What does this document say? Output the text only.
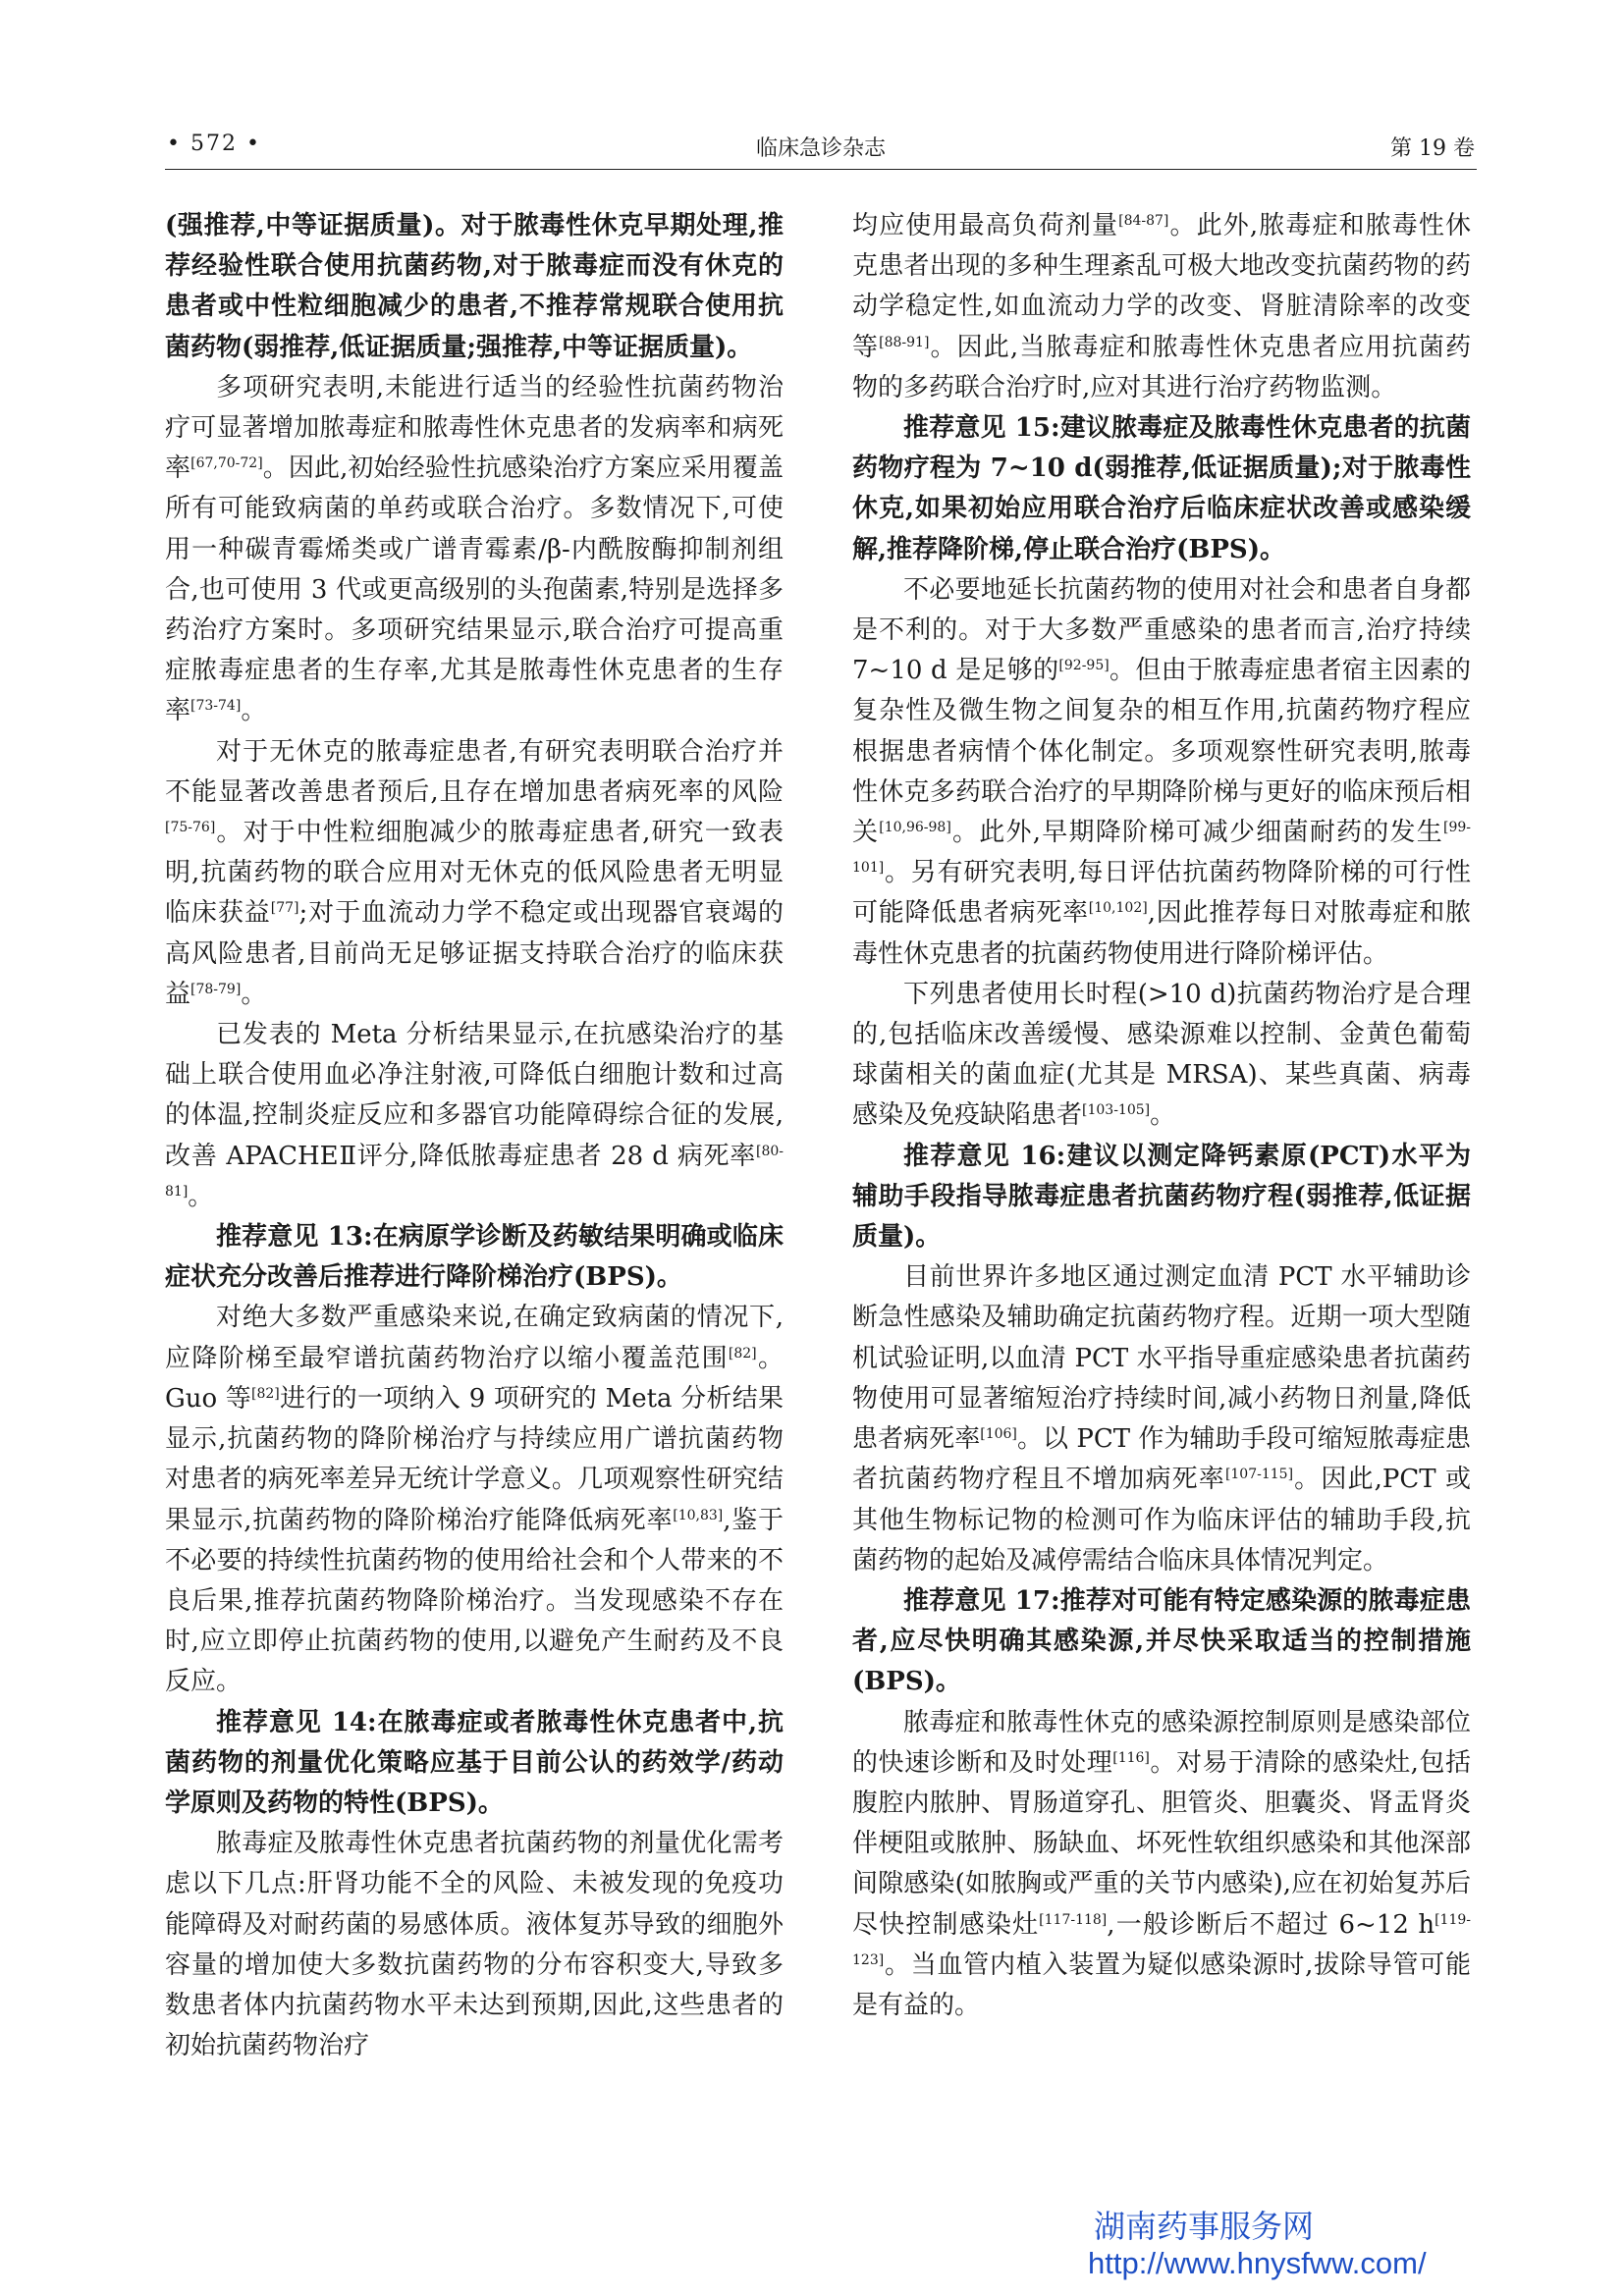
• 572 •	临床急诊杂志	第 19 卷

(强推荐,中等证据质量)。对于脓毒性休克早期处理,推荐经验性联合使用抗菌药物,对于脓毒症而没有休克的患者或中性粒细胞减少的患者,不推荐常规联合使用抗菌药物(弱推荐,低证据质量;强推荐,中等证据质量)。

多项研究表明,未能进行适当的经验性抗菌药物治疗可显著增加脓毒症和脓毒性休克患者的发病率和病死率[67,70-72]。因此,初始经验性抗感染治疗方案应采用覆盖所有可能致病菌的单药或联合治疗。多数情况下,可使用一种碳青霉烯类或广谱青霉素/β-内酰胺酶抑制剂组合,也可使用 3 代或更高级别的头孢菌素,特别是选择多药治疗方案时。多项研究结果显示,联合治疗可提高重症脓毒症患者的生存率,尤其是脓毒性休克患者的生存率[73-74]。

对于无休克的脓毒症患者,有研究表明联合治疗并不能显著改善患者预后,且存在增加患者病死率的风险[75-76]。对于中性粒细胞减少的脓毒症患者,研究一致表明,抗菌药物的联合应用对无休克的低风险患者无明显临床获益[77];对于血流动力学不稳定或出现器官衰竭的高风险患者,目前尚无足够证据支持联合治疗的临床获益[78-79]。

已发表的 Meta 分析结果显示,在抗感染治疗的基础上联合使用血必净注射液,可降低白细胞计数和过高的体温,控制炎症反应和多器官功能障碍综合征的发展,改善 APACHEⅡ评分,降低脓毒症患者 28 d 病死率[80-81]。

推荐意见 13:在病原学诊断及药敏结果明确或临床症状充分改善后推荐进行降阶梯治疗(BPS)。

对绝大多数严重感染来说,在确定致病菌的情况下,应降阶梯至最窄谱抗菌药物治疗以缩小覆盖范围[82]。Guo 等[82]进行的一项纳入 9 项研究的 Meta 分析结果显示,抗菌药物的降阶梯治疗与持续应用广谱抗菌药物对患者的病死率差异无统计学意义。几项观察性研究结果显示,抗菌药物的降阶梯治疗能降低病死率[10,83],鉴于不必要的持续性抗菌药物的使用给社会和个人带来的不良后果,推荐抗菌药物降阶梯治疗。当发现感染不存在时,应立即停止抗菌药物的使用,以避免产生耐药及不良反应。

推荐意见 14:在脓毒症或者脓毒性休克患者中,抗菌药物的剂量优化策略应基于目前公认的药效学/药动学原则及药物的特性(BPS)。

脓毒症及脓毒性休克患者抗菌药物的剂量优化需考虑以下几点:肝肾功能不全的风险、未被发现的免疫功能障碍及对耐药菌的易感体质。液体复苏导致的细胞外容量的增加使大多数抗菌药物的分布容积变大,导致多数患者体内抗菌药物水平未达到预期,因此,这些患者的初始抗菌药物治疗

均应使用最高负荷剂量[84-87]。此外,脓毒症和脓毒性休克患者出现的多种生理紊乱可极大地改变抗菌药物的药动学稳定性,如血流动力学的改变、肾脏清除率的改变等[88-91]。因此,当脓毒症和脓毒性休克患者应用抗菌药物的多药联合治疗时,应对其进行治疗药物监测。

推荐意见 15:建议脓毒症及脓毒性休克患者的抗菌药物疗程为 7~10 d(弱推荐,低证据质量);对于脓毒性休克,如果初始应用联合治疗后临床症状改善或感染缓解,推荐降阶梯,停止联合治疗(BPS)。

不必要地延长抗菌药物的使用对社会和患者自身都是不利的。对于大多数严重感染的患者而言,治疗持续 7~10 d 是足够的[92-95]。但由于脓毒症患者宿主因素的复杂性及微生物之间复杂的相互作用,抗菌药物疗程应根据患者病情个体化制定。多项观察性研究表明,脓毒性休克多药联合治疗的早期降阶梯与更好的临床预后相关[10,96-98]。此外,早期降阶梯可减少细菌耐药的发生[99-101]。另有研究表明,每日评估抗菌药物降阶梯的可行性可能降低患者病死率[10,102],因此推荐每日对脓毒症和脓毒性休克患者的抗菌药物使用进行降阶梯评估。

下列患者使用长时程(>10 d)抗菌药物治疗是合理的,包括临床改善缓慢、感染源难以控制、金黄色葡萄球菌相关的菌血症(尤其是 MRSA)、某些真菌、病毒感染及免疫缺陷患者[103-105]。

推荐意见 16:建议以测定降钙素原(PCT)水平为辅助手段指导脓毒症患者抗菌药物疗程(弱推荐,低证据质量)。

目前世界许多地区通过测定血清 PCT 水平辅助诊断急性感染及辅助确定抗菌药物疗程。近期一项大型随机试验证明,以血清 PCT 水平指导重症感染患者抗菌药物使用可显著缩短治疗持续时间,减小药物日剂量,降低患者病死率[106]。以 PCT 作为辅助手段可缩短脓毒症患者抗菌药物疗程且不增加病死率[107-115]。因此,PCT 或其他生物标记物的检测可作为临床评估的辅助手段,抗菌药物的起始及减停需结合临床具体情况判定。

推荐意见 17:推荐对可能有特定感染源的脓毒症患者,应尽快明确其感染源,并尽快采取适当的控制措施(BPS)。

脓毒症和脓毒性休克的感染源控制原则是感染部位的快速诊断和及时处理[116]。对易于清除的感染灶,包括腹腔内脓肿、胃肠道穿孔、胆管炎、胆囊炎、肾盂肾炎伴梗阻或脓肿、肠缺血、坏死性软组织感染和其他深部间隙感染(如脓胸或严重的关节内感染),应在初始复苏后尽快控制感染灶[117-118],一般诊断后不超过 6~12 h[119-123]。当血管内植入装置为疑似感染源时,拔除导管可能是有益的。

湖南药事服务网
http://www.hnysfww.com/
